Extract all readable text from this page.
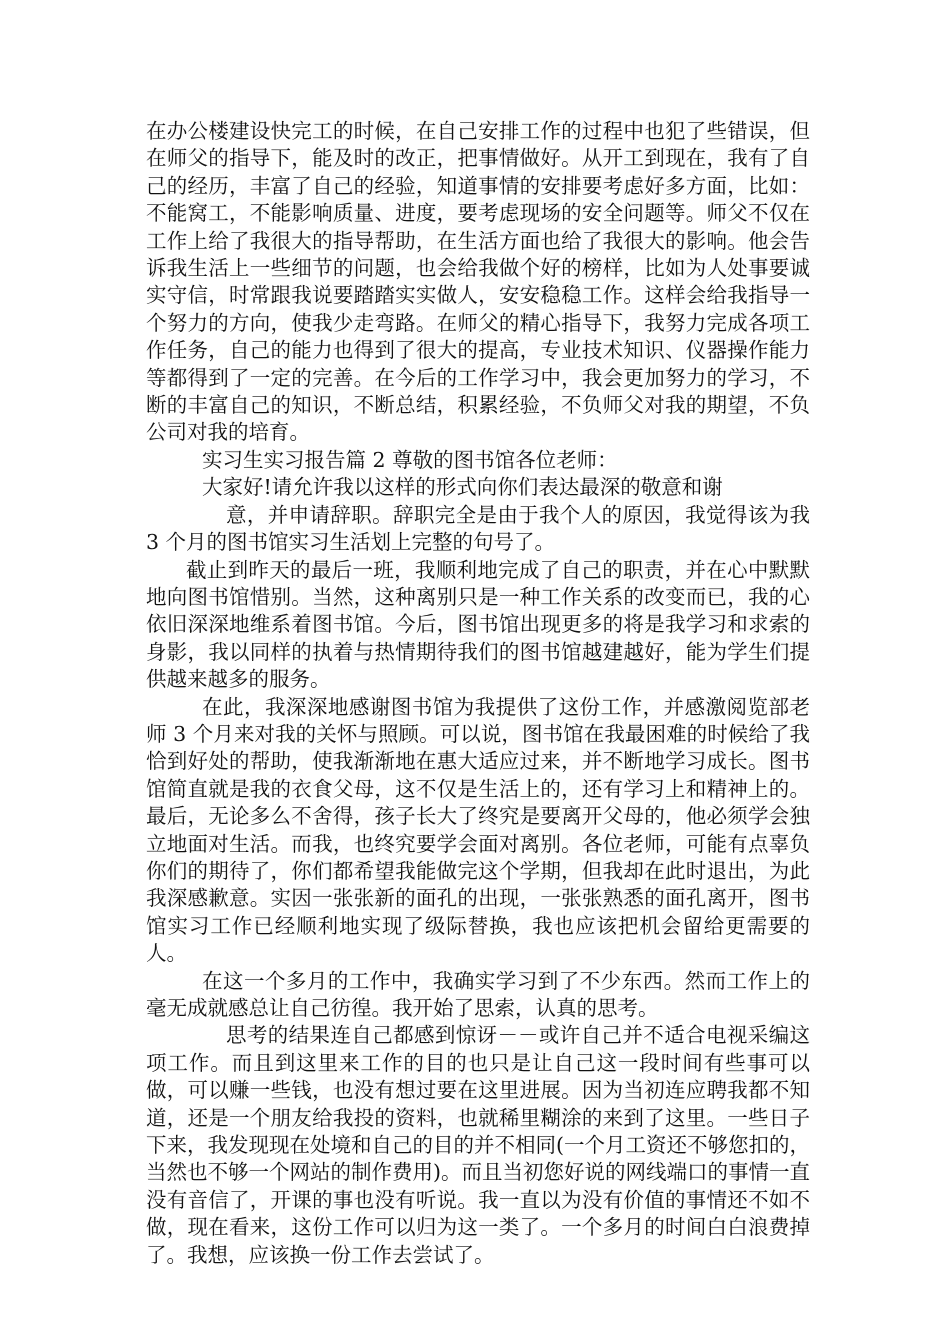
在办公楼建设快完工的时候，在自己安排工作的过程中也犯了些错误，但在师父的指导下，能及时的改正，把事情做好。从开工到现在，我有了自己的经历，丰富了自己的经验，知道事情的安排要考虑好多方面，比如：不能窝工，不能影响质量、进度，要考虑现场的安全问题等。师父不仅在工作上给了我很大的指导帮助，在生活方面也给了我很大的影响。他会告诉我生活上一些细节的问题，也会给我做个好的榜样，比如为人处事要诚实守信，时常跟我说要踏踏实实做人，安安稳稳工作。这样会给我指导一个努力的方向，使我少走弯路。在师父的精心指导下，我努力完成各项工作任务，自己的能力也得到了很大的提高，专业技术知识、仪器操作能力等都得到了一定的完善。在今后的工作学习中，我会更加努力的学习，不断的丰富自己的知识，不断总结，积累经验，不负师父对我的期望，不负公司对我的培育。

实习生实习报告篇 2 尊敬的图书馆各位老师：

大家好!请允许我以这样的形式向你们表达最深的敬意和谢

意，并申请辞职。辞职完全是由于我个人的原因，我觉得该为我 3 个月的图书馆实习生活划上完整的句号了。

截止到昨天的最后一班，我顺利地完成了自己的职责，并在心中默默地向图书馆惜别。当然，这种离别只是一种工作关系的改变而已，我的心依旧深深地维系着图书馆。今后，图书馆出现更多的将是我学习和求索的身影，我以同样的执着与热情期待我们的图书馆越建越好，能为学生们提供越来越多的服务。

在此，我深深地感谢图书馆为我提供了这份工作，并感激阅览部老师 3 个月来对我的关怀与照顾。可以说，图书馆在我最困难的时候给了我恰到好处的帮助，使我渐渐地在惠大适应过来，并不断地学习成长。图书馆简直就是我的衣食父母，这不仅是生活上的，还有学习上和精神上的。最后，无论多么不舍得，孩子长大了终究是要离开父母的，他必须学会独立地面对生活。而我，也终究要学会面对离别。各位老师，可能有点辜负你们的期待了，你们都希望我能做完这个学期，但我却在此时退出，为此我深感歉意。实因一张张新的面孔的出现，一张张熟悉的面孔离开，图书馆实习工作已经顺利地实现了级际替换，我也应该把机会留给更需要的人。

在这一个多月的工作中，我确实学习到了不少东西。然而工作上的毫无成就感总让自己彷徨。我开始了思索，认真的思考。

思考的结果连自己都感到惊讶－－或许自己并不适合电视采编这项工作。而且到这里来工作的目的也只是让自己这一段时间有些事可以做，可以赚一些钱，也没有想过要在这里进展。因为当初连应聘我都不知道，还是一个朋友给我投的资料，也就稀里糊涂的来到了这里。一些日子下来，我发现现在处境和自己的目的并不相同(一个月工资还不够您扣的，当然也不够一个网站的制作费用)。而且当初您好说的网线端口的事情一直没有音信了，开课的事也没有听说。我一直以为没有价值的事情还不如不做，现在看来，这份工作可以归为这一类了。一个多月的时间白白浪费掉了。我想，应该换一份工作去尝试了。
